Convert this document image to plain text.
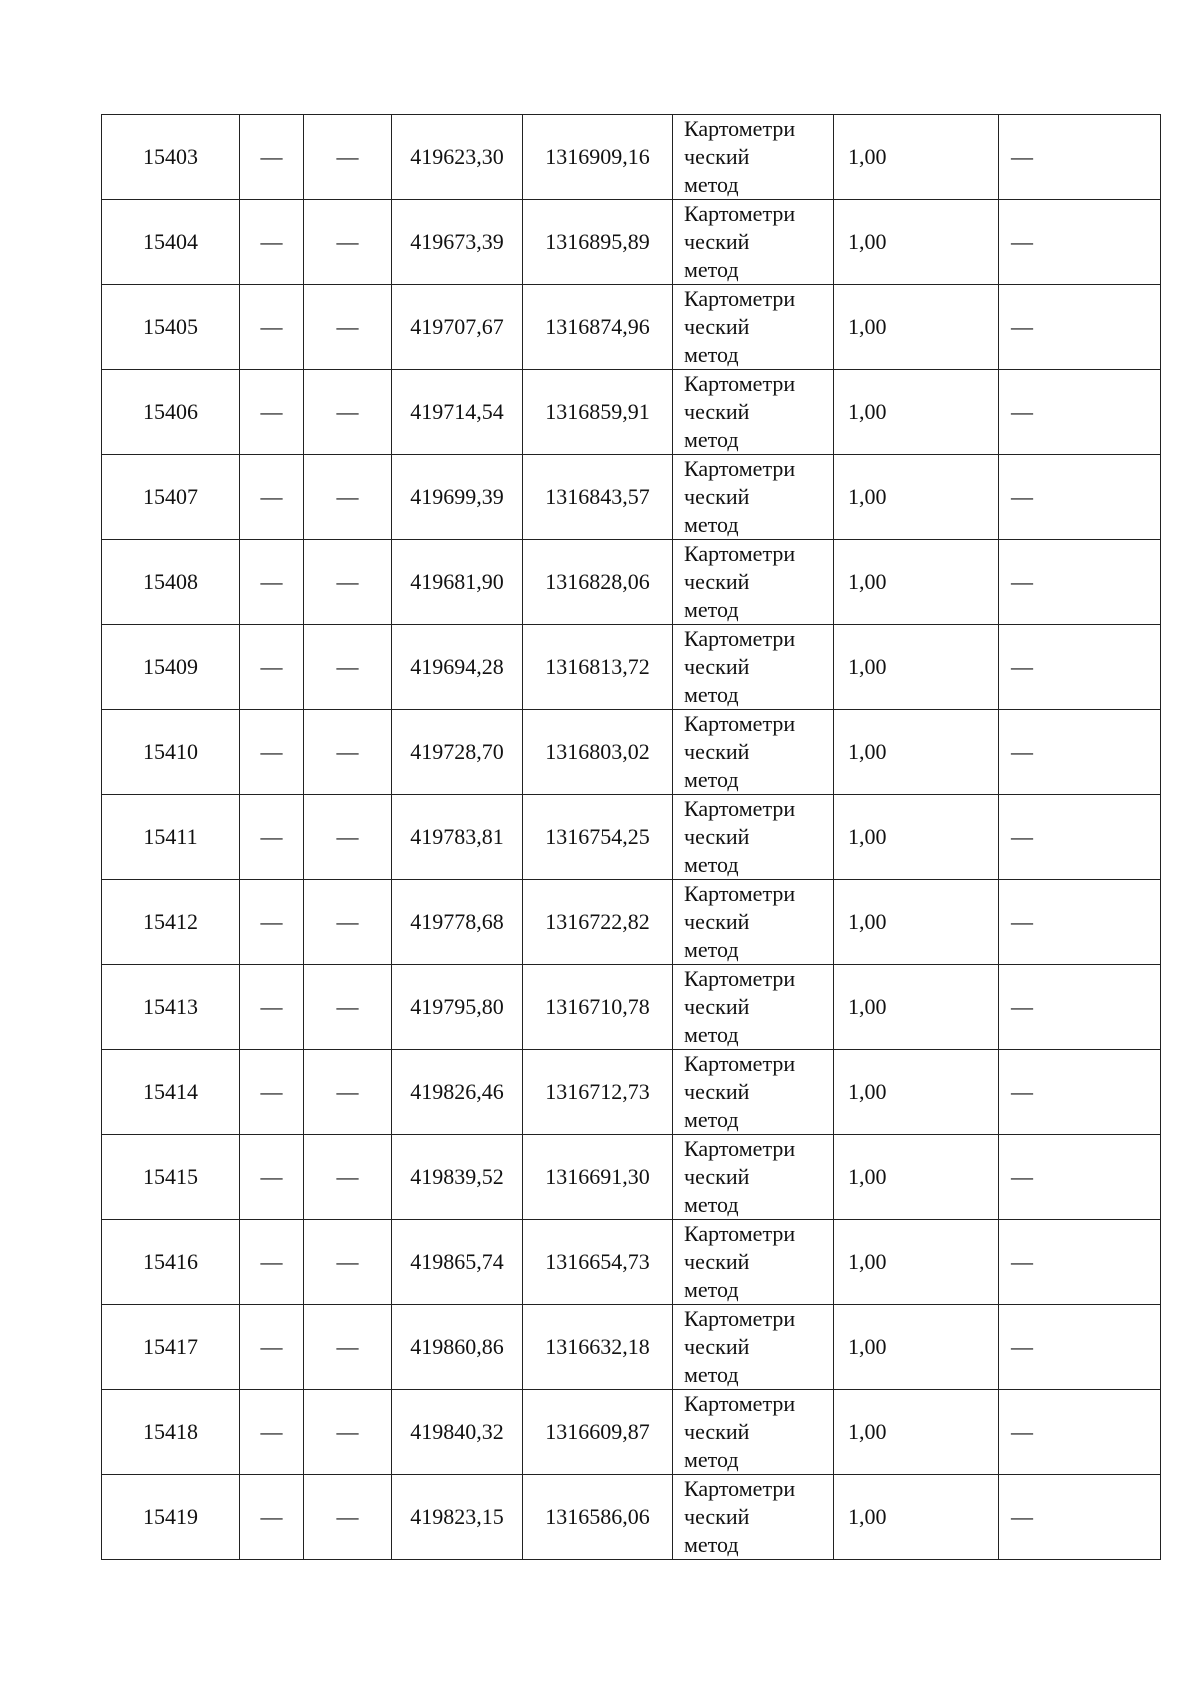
15403	—	—	419623,30	1316909,16	Картометри
ческий
метод	1,00	—
15404	—	—	419673,39	1316895,89	Картометри
ческий
метод	1,00	—
15405	—	—	419707,67	1316874,96	Картометри
ческий
метод	1,00	—
15406	—	—	419714,54	1316859,91	Картометри
ческий
метод	1,00	—
15407	—	—	419699,39	1316843,57	Картометри
ческий
метод	1,00	—
15408	—	—	419681,90	1316828,06	Картометри
ческий
метод	1,00	—
15409	—	—	419694,28	1316813,72	Картометри
ческий
метод	1,00	—
15410	—	—	419728,70	1316803,02	Картометри
ческий
метод	1,00	—
15411	—	—	419783,81	1316754,25	Картометри
ческий
метод	1,00	—
15412	—	—	419778,68	1316722,82	Картометри
ческий
метод	1,00	—
15413	—	—	419795,80	1316710,78	Картометри
ческий
метод	1,00	—
15414	—	—	419826,46	1316712,73	Картометри
ческий
метод	1,00	—
15415	—	—	419839,52	1316691,30	Картометри
ческий
метод	1,00	—
15416	—	—	419865,74	1316654,73	Картометри
ческий
метод	1,00	—
15417	—	—	419860,86	1316632,18	Картометри
ческий
метод	1,00	—
15418	—	—	419840,32	1316609,87	Картометри
ческий
метод	1,00	—
15419	—	—	419823,15	1316586,06	Картометри
ческий
метод	1,00	—
